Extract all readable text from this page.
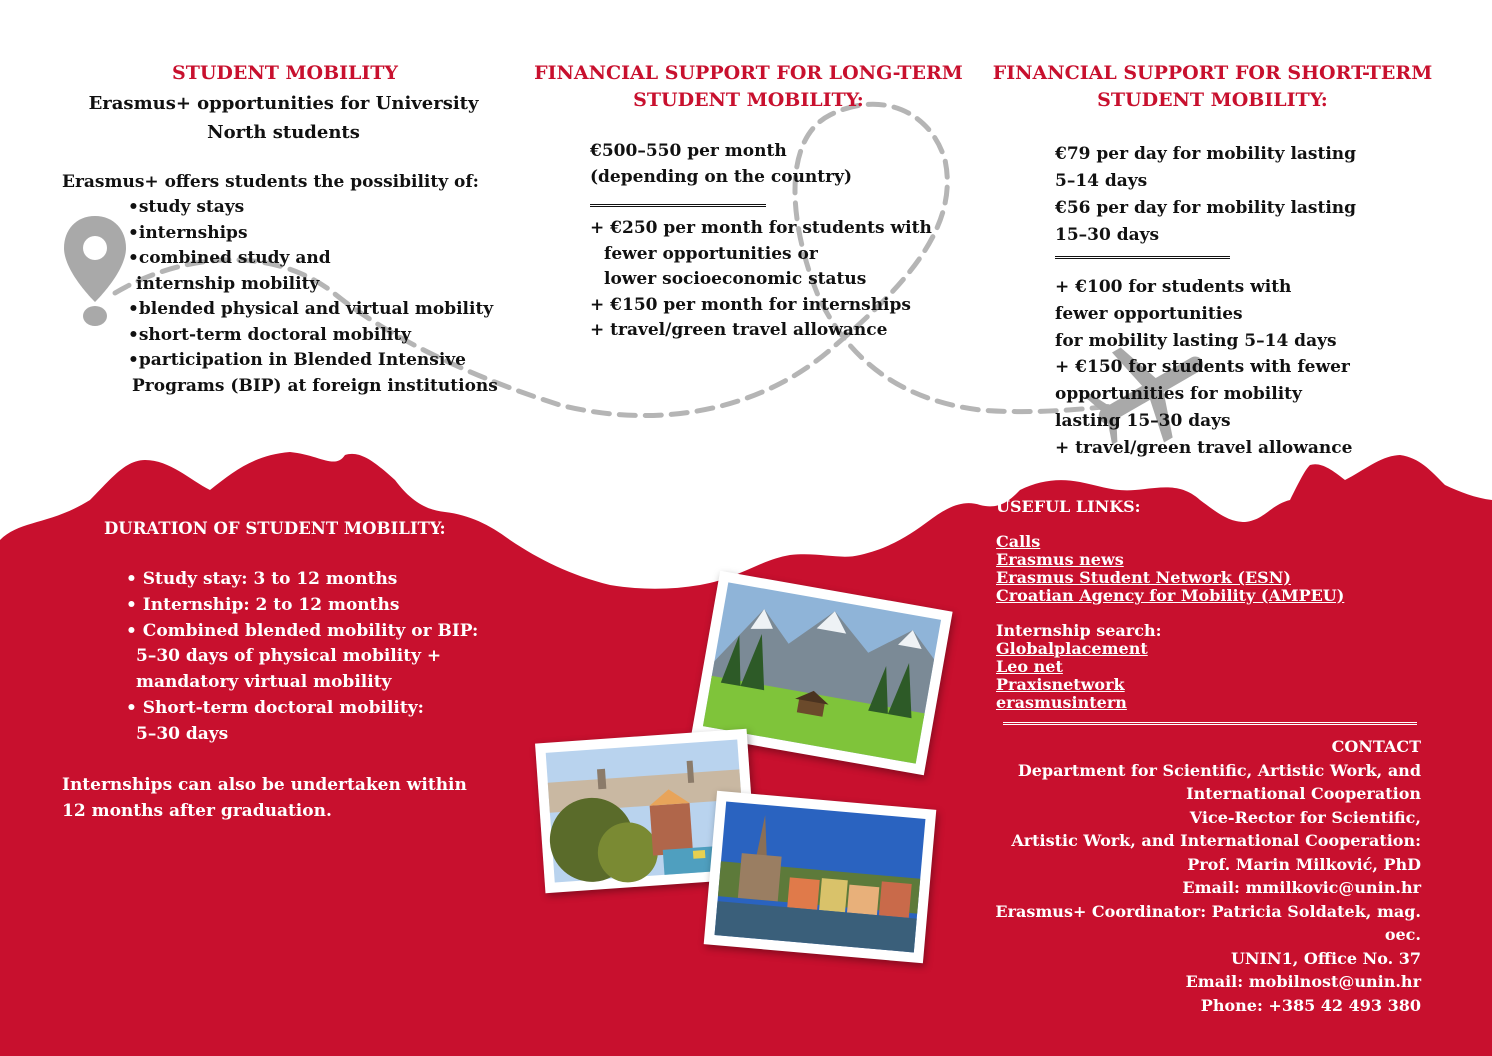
STUDENT MOBILITY
Erasmus+ opportunities for University North students
Erasmus+ offers students the possibility of:
•study stays
•internships
•combined study and
internship mobility
•blended physical and virtual mobility
•short-term doctoral mobility
•participation in Blended Intensive
Programs (BIP) at foreign institutions
FINANCIAL SUPPORT FOR LONG-TERM STUDENT MOBILITY:
€500–550 per month
(depending on the country)
+ €250 per month for students with
fewer opportunities or
lower socioeconomic status
+ €150 per month for internships
+ travel/green travel allowance
FINANCIAL SUPPORT FOR SHORT-TERM STUDENT MOBILITY:
€79 per day for mobility lasting
5–14 days
€56 per day for mobility lasting
15–30 days
+ €100 for students with
fewer opportunities
for mobility lasting 5–14 days
+ €150 for students with fewer
opportunities for mobility
lasting 15–30 days
+ travel/green travel allowance
DURATION OF STUDENT MOBILITY:
• Study stay: 3 to 12 months
• Internship: 2 to 12 months
• Combined blended mobility or BIP:
5–30 days of physical mobility +
mandatory virtual mobility
• Short-term doctoral mobility:
5–30 days
Internships can also be undertaken within
12 months after graduation.
USEFUL LINKS:
Calls
Erasmus news
Erasmus Student Network (ESN)
Croatian Agency for Mobility (AMPEU)
Internship search:
Globalplacement
Leo net
Praxisnetwork
erasmusintern
CONTACT
Department for Scientific, Artistic Work, and
International Cooperation
Vice-Rector for Scientific,
Artistic Work, and International Cooperation:
Prof. Marin Milković, PhD
Email: mmilkovic@unin.hr
Erasmus+ Coordinator: Patricia Soldatek, mag. oec.
UNIN1, Office No. 37
Email: mobilnost@unin.hr
Phone: +385 42 493 380
